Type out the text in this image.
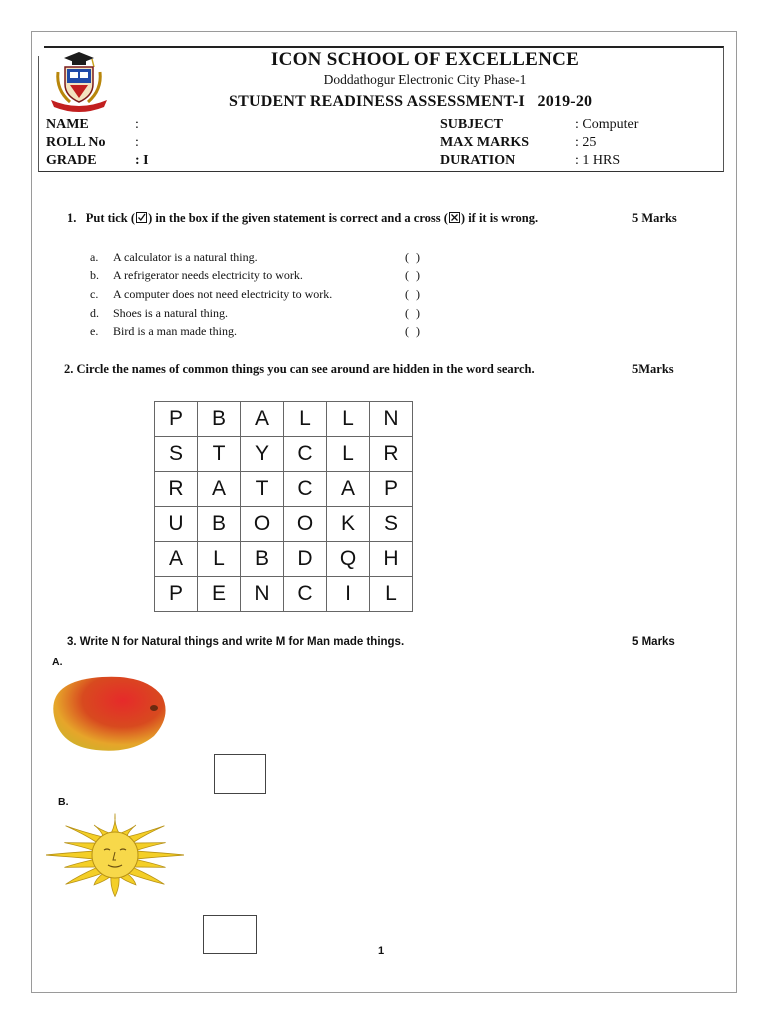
ICON SCHOOL OF EXCELLENCE
Doddathogur Electronic City Phase-1
STUDENT READINESS ASSESSMENT-I   2019-20
NAME	:
ROLL No :
GRADE	: I
SUBJECT	: Computer
MAX MARKS	: 25
DURATION	: 1 HRS
1. Put tick ( ) in the box if the given statement is correct and a cross ( ) if it is wrong.	5 Marks
a. A calculator is a natural thing.	( )
b. A refrigerator needs electricity to work.	( )
c. A computer does not need electricity to work.	( )
d. Shoes is a natural thing.	( )
e. Bird is a man made thing.	( )
2. Circle the names of common things you can see around are hidden in the word search.	5Marks
P	B	A	L	L	N
S	T	Y	C	L	R
R	A	T	C	A	P
U	B	O	O	K	S
A	L	B	D	Q	H
P	E	N	C	I	L
3. Write N for Natural things and write M for Man made things.	5 Marks
A.
B.
1
